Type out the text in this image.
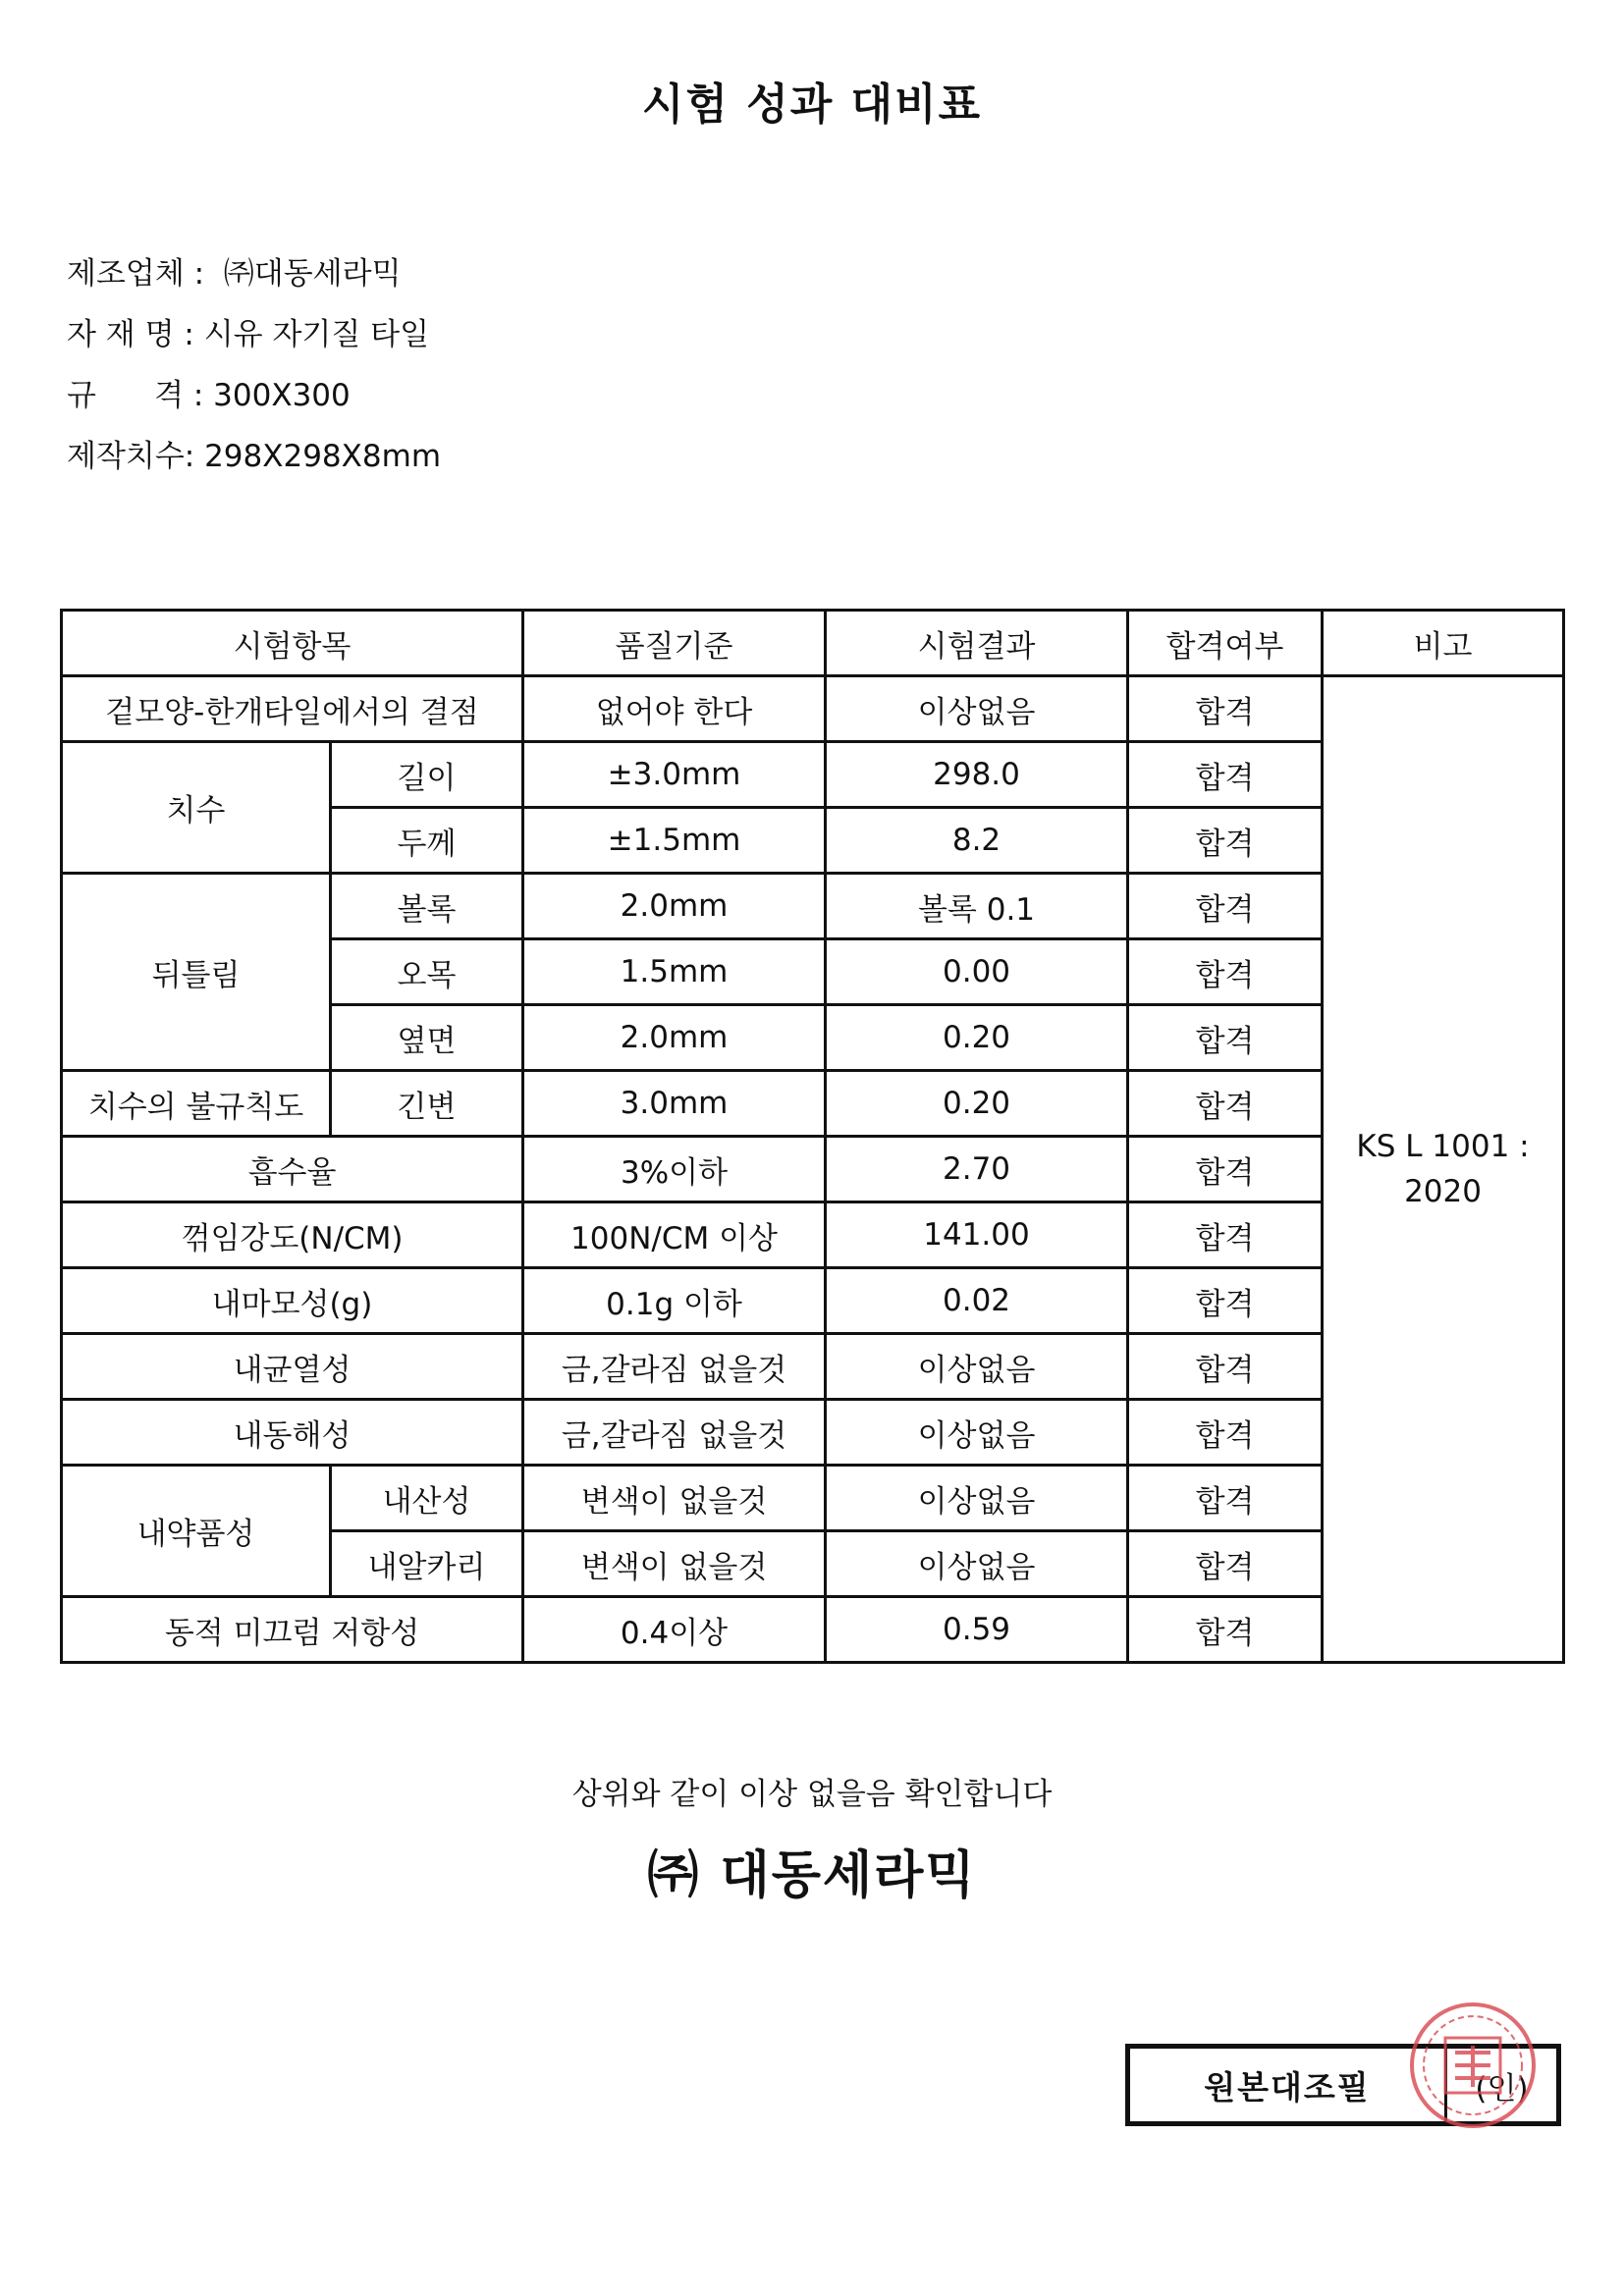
시험 성과 대비표
제조업체 :  ㈜대동세라믹
자 재 명 : 시유 자기질 타일
규      격 : 300X300
제작치수: 298X298X8mm
시험항목		품질기준	시험결과	합격여부	비고
겉모양-한개타일에서의 결점		없어야 한다	이상없음	합격	KS L 1001 :
2020

치수	길이	±3.0mm	298.0	합격	
	두께	±1.5mm	8.2	합격	
뒤틀림	볼록	2.0mm	볼록 0.1	합격	
	오목	1.5mm	0.00	합격	
	옆면	2.0mm	0.20	합격	
치수의 불규칙도	긴변	3.0mm	0.20	합격	
흡수율		3%이하	2.70	합격	
꺾임강도(N/CM)		100N/CM 이상	141.00	합격	
내마모성(g)		0.1g 이하	0.02	합격	
내균열성		금,갈라짐 없을것	이상없음	합격	
내동해성		금,갈라짐 없을것	이상없음	합격	
내약품성	내산성	변색이 없을것	이상없음	합격	
	내알카리	변색이 없을것	이상없음	합격	
동적 미끄럼 저항성		0.4이상	0.59	합격	
상위와 같이 이상 없을음 확인합니다
㈜ 대동세라믹
원본대조필	(인)
